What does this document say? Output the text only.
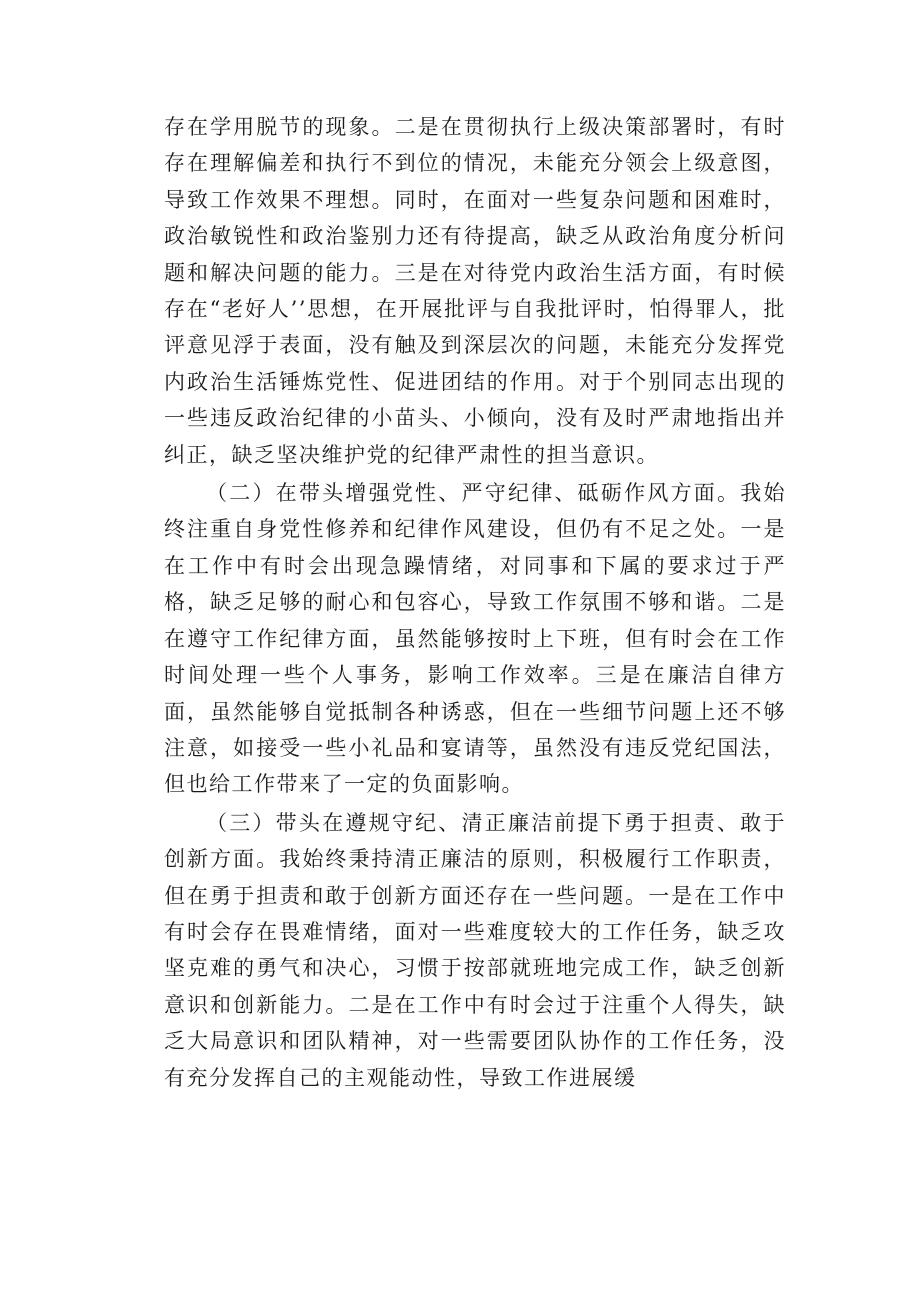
存在学用脱节的现象。二是在贯彻执行上级决策部署时，有时存在理解偏差和执行不到位的情况，未能充分领会上级意图，导致工作效果不理想。同时，在面对一些复杂问题和困难时，政治敏锐性和政治鉴别力还有待提高，缺乏从政治角度分析问题和解决问题的能力。三是在对待党内政治生活方面，有时候存在“老好人’’思想，在开展批评与自我批评时，怕得罪人，批评意见浮于表面，没有触及到深层次的问题，未能充分发挥党内政治生活锤炼党性、促进团结的作用。对于个别同志出现的一些违反政治纪律的小苗头、小倾向，没有及时严肃地指出并纠正，缺乏坚决维护党的纪律严肃性的担当意识。

（二）在带头增强党性、严守纪律、砥砺作风方面。我始终注重自身党性修养和纪律作风建设，但仍有不足之处。一是在工作中有时会出现急躁情绪，对同事和下属的要求过于严格，缺乏足够的耐心和包容心，导致工作氛围不够和谐。二是在遵守工作纪律方面，虽然能够按时上下班，但有时会在工作时间处理一些个人事务，影响工作效率。三是在廉洁自律方面，虽然能够自觉抵制各种诱惑，但在一些细节问题上还不够注意，如接受一些小礼品和宴请等，虽然没有违反党纪国法，但也给工作带来了一定的负面影响。

（三）带头在遵规守纪、清正廉洁前提下勇于担责、敢于创新方面。我始终秉持清正廉洁的原则，积极履行工作职责，但在勇于担责和敢于创新方面还存在一些问题。一是在工作中有时会存在畏难情绪，面对一些难度较大的工作任务，缺乏攻坚克难的勇气和决心，习惯于按部就班地完成工作，缺乏创新意识和创新能力。二是在工作中有时会过于注重个人得失，缺乏大局意识和团队精神，对一些需要团队协作的工作任务，没有充分发挥自己的主观能动性，导致工作进展缓
